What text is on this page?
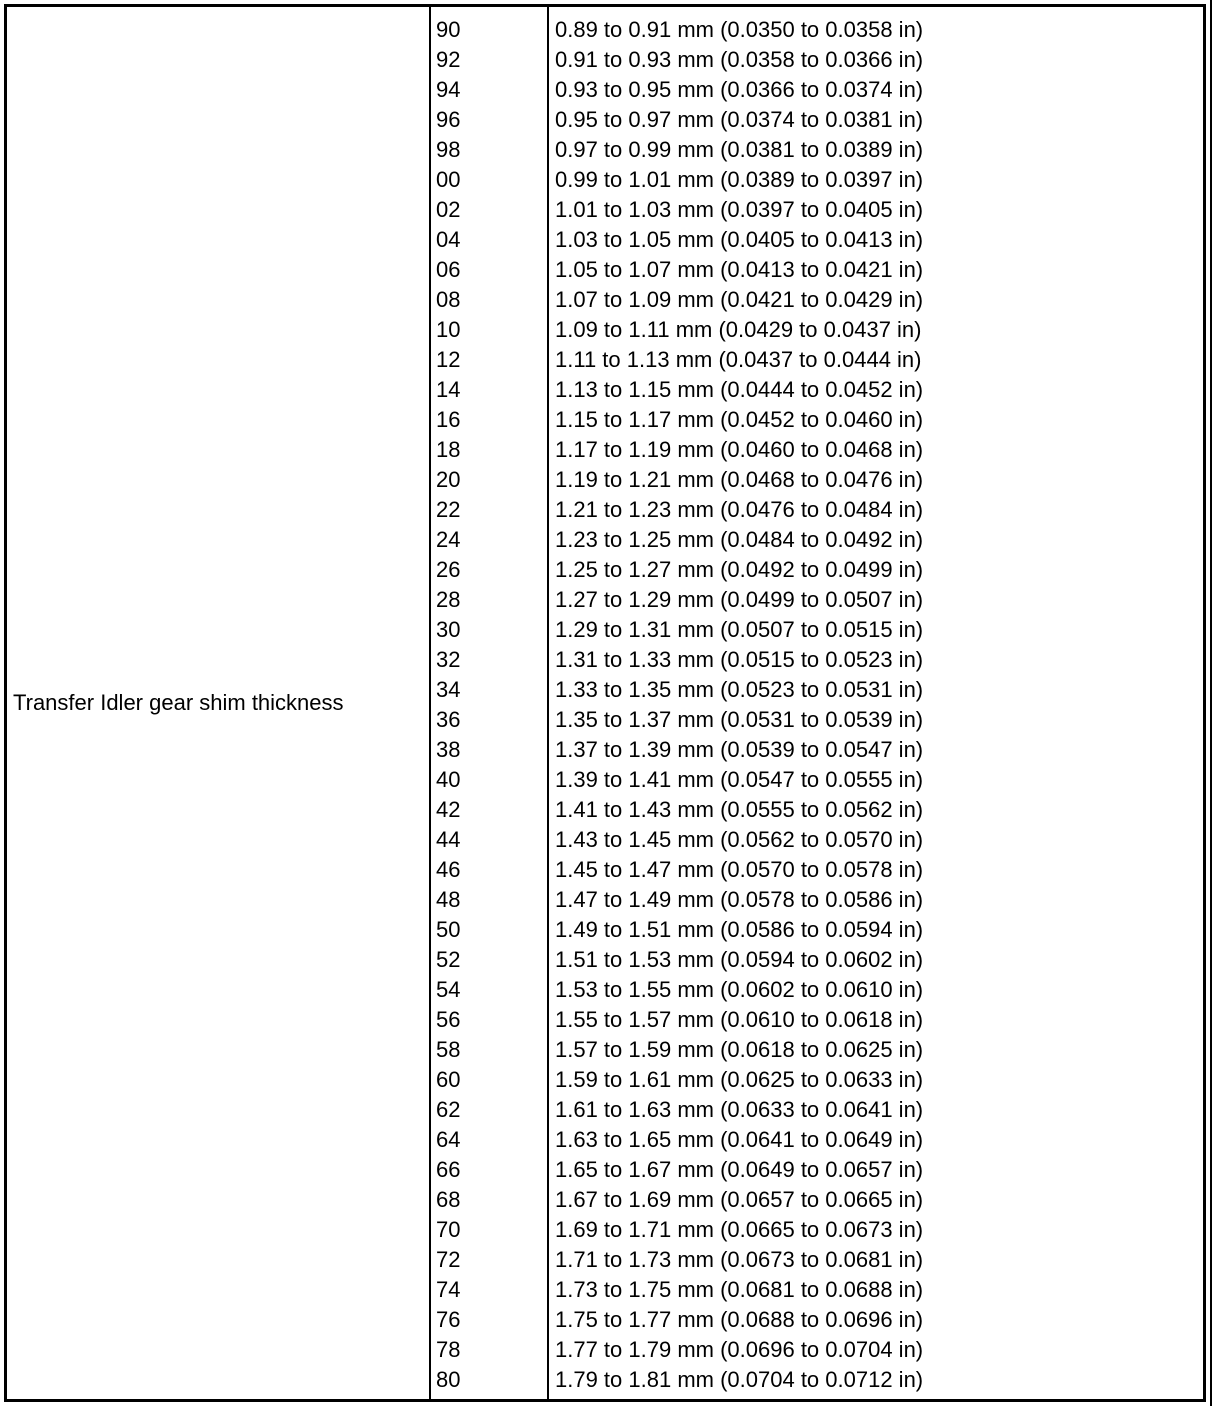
Transfer Idler gear shim thickness
90
92
94
96
98
00
02
04
06
08
10
12
14
16
18
20
22
24
26
28
30
32
34
36
38
40
42
44
46
48
50
52
54
56
58
60
62
64
66
68
70
72
74
76
78
80
0.89 to 0.91 mm (0.0350 to 0.0358 in)
0.91 to 0.93 mm (0.0358 to 0.0366 in)
0.93 to 0.95 mm (0.0366 to 0.0374 in)
0.95 to 0.97 mm (0.0374 to 0.0381 in)
0.97 to 0.99 mm (0.0381 to 0.0389 in)
0.99 to 1.01 mm (0.0389 to 0.0397 in)
1.01 to 1.03 mm (0.0397 to 0.0405 in)
1.03 to 1.05 mm (0.0405 to 0.0413 in)
1.05 to 1.07 mm (0.0413 to 0.0421 in)
1.07 to 1.09 mm (0.0421 to 0.0429 in)
1.09 to 1.11 mm (0.0429 to 0.0437 in)
1.11 to 1.13 mm (0.0437 to 0.0444 in)
1.13 to 1.15 mm (0.0444 to 0.0452 in)
1.15 to 1.17 mm (0.0452 to 0.0460 in)
1.17 to 1.19 mm (0.0460 to 0.0468 in)
1.19 to 1.21 mm (0.0468 to 0.0476 in)
1.21 to 1.23 mm (0.0476 to 0.0484 in)
1.23 to 1.25 mm (0.0484 to 0.0492 in)
1.25 to 1.27 mm (0.0492 to 0.0499 in)
1.27 to 1.29 mm (0.0499 to 0.0507 in)
1.29 to 1.31 mm (0.0507 to 0.0515 in)
1.31 to 1.33 mm (0.0515 to 0.0523 in)
1.33 to 1.35 mm (0.0523 to 0.0531 in)
1.35 to 1.37 mm (0.0531 to 0.0539 in)
1.37 to 1.39 mm (0.0539 to 0.0547 in)
1.39 to 1.41 mm (0.0547 to 0.0555 in)
1.41 to 1.43 mm (0.0555 to 0.0562 in)
1.43 to 1.45 mm (0.0562 to 0.0570 in)
1.45 to 1.47 mm (0.0570 to 0.0578 in)
1.47 to 1.49 mm (0.0578 to 0.0586 in)
1.49 to 1.51 mm (0.0586 to 0.0594 in)
1.51 to 1.53 mm (0.0594 to 0.0602 in)
1.53 to 1.55 mm (0.0602 to 0.0610 in)
1.55 to 1.57 mm (0.0610 to 0.0618 in)
1.57 to 1.59 mm (0.0618 to 0.0625 in)
1.59 to 1.61 mm (0.0625 to 0.0633 in)
1.61 to 1.63 mm (0.0633 to 0.0641 in)
1.63 to 1.65 mm (0.0641 to 0.0649 in)
1.65 to 1.67 mm (0.0649 to 0.0657 in)
1.67 to 1.69 mm (0.0657 to 0.0665 in)
1.69 to 1.71 mm (0.0665 to 0.0673 in)
1.71 to 1.73 mm (0.0673 to 0.0681 in)
1.73 to 1.75 mm (0.0681 to 0.0688 in)
1.75 to 1.77 mm (0.0688 to 0.0696 in)
1.77 to 1.79 mm (0.0696 to 0.0704 in)
1.79 to 1.81 mm (0.0704 to 0.0712 in)
